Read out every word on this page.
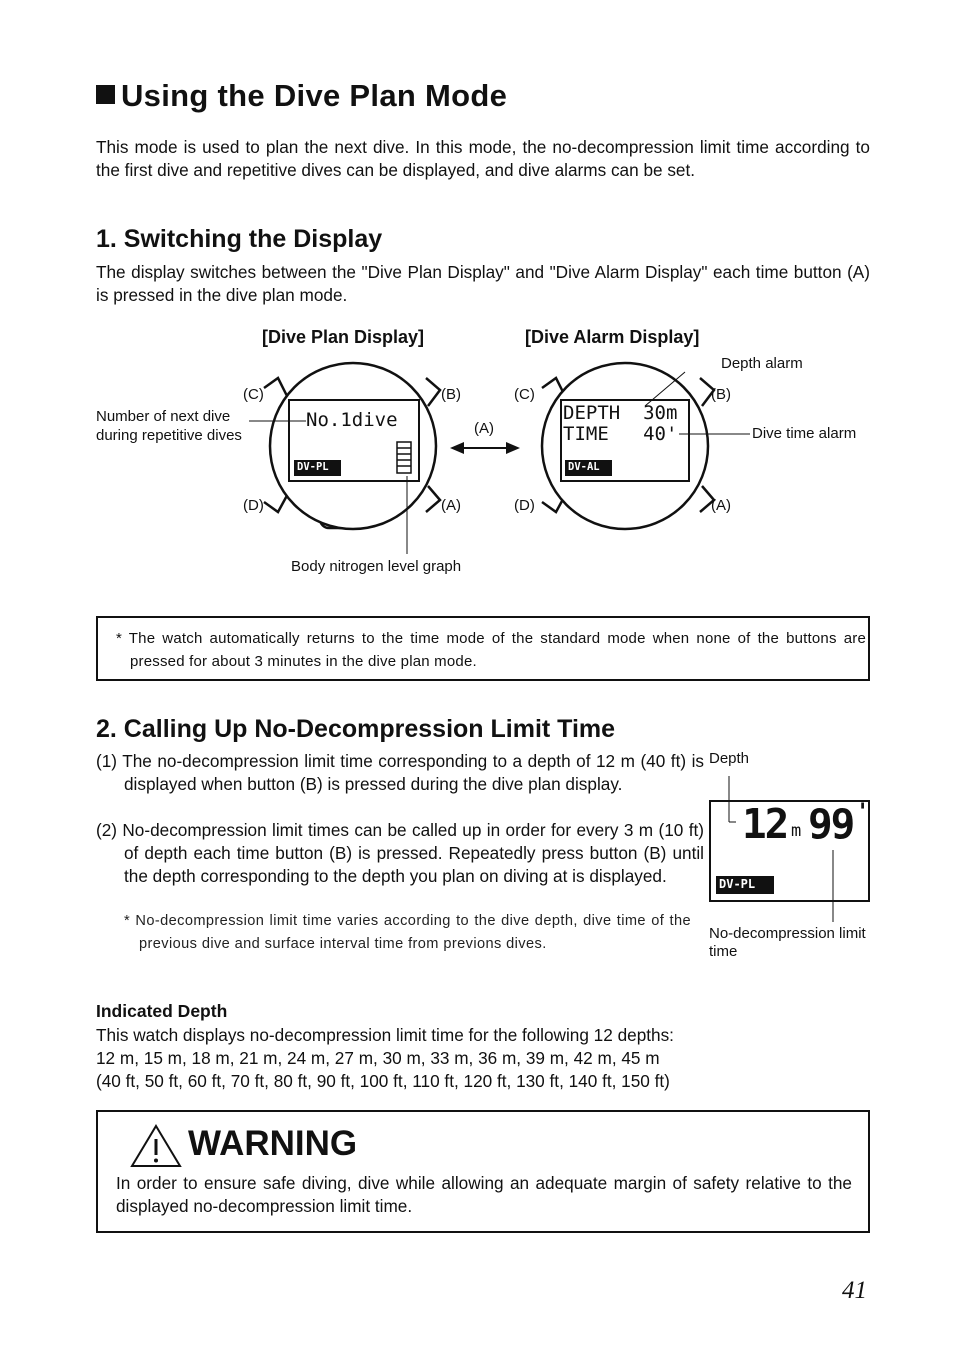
Using the Dive Plan Mode
This mode is used to plan the next dive. In this mode, the no-decompression limit time according to the first dive and repetitive dives can be displayed, and dive alarms can be set.
1. Switching the Display
The display switches between the "Dive Plan Display" and "Dive Alarm Display" each time button (A) is pressed in the dive plan mode.
[Dive Plan Display]	[Dive Alarm Display]
(C)	(B)
(D)	(A)
(C)	(B)
(D)	(A)
(A)
No.1dive
DV-PL
DEPTH  30m
TIME   40'
DV-AL
Number of next dive during repetitive dives
Body nitrogen level graph
Depth alarm
Dive time alarm
* The watch automatically returns to the time mode of the standard mode when none of the buttons are pressed for about 3 minutes in the dive plan mode.
2. Calling Up No-Decompression Limit Time
(1) The no-decompression limit time corresponding to a depth of 12 m (40 ft) is displayed when button (B) is pressed during the dive plan display.
(2) No-decompression limit times can be called up in order for every 3 m (10 ft) of depth each time button (B) is pressed. Repeatedly press button (B) until the depth corresponding to the depth you plan on diving at is displayed.
* No-decompression limit time varies according to the dive depth, dive time of the previous dive and surface interval time from previons dives.
Depth
12 m 99 '
DV-PL
No-decompression limit time
Indicated Depth
This watch displays no-decompression limit time for the following 12 depths:
12 m, 15 m, 18 m, 21 m, 24 m, 27 m, 30 m, 33 m, 36 m, 39 m, 42 m, 45 m
(40 ft, 50 ft, 60 ft, 70 ft, 80 ft, 90 ft, 100 ft, 110 ft, 120 ft, 130 ft, 140 ft, 150 ft)
WARNING
In order to ensure safe diving, dive while allowing an adequate margin of safety relative to the displayed no-decompression limit time.
41
